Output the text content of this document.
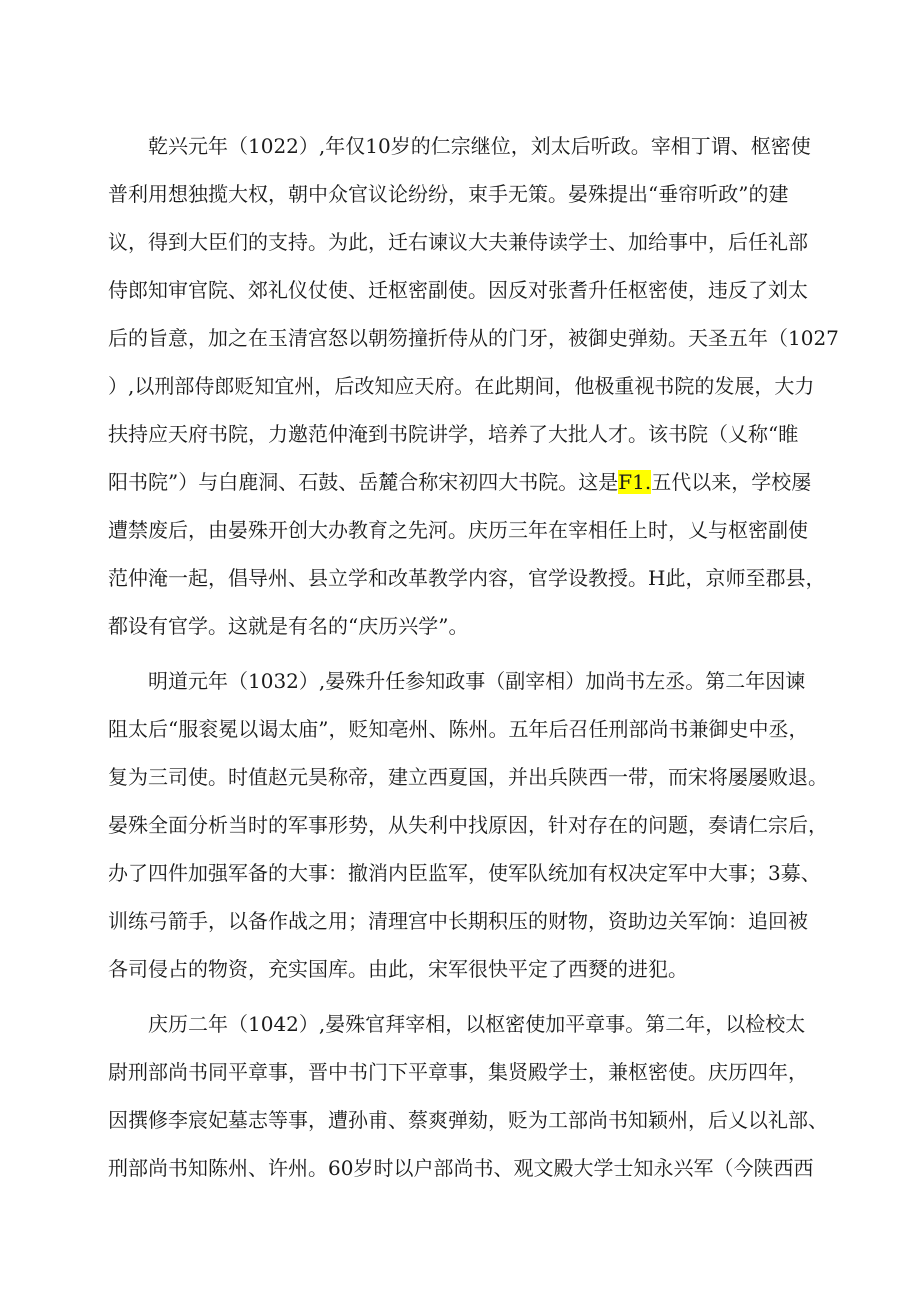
乾兴元年（1022）,年仅10岁的仁宗继位，刘太后听政。宰相丁谓、枢密使
普利用想独揽大权，朝中众官议论纷纷，束手无策。晏殊提出“垂帘听政”的建
议，得到大臣们的支持。为此，迁右谏议大夫兼侍读学士、加给事中，后任礼部
侍郎知审官院、郊礼仪仗使、迁枢密副使。因反对张耆升任枢密使，违反了刘太
后的旨意，加之在玉清宫怒以朝笏撞折侍从的门牙，被御史弹劾。天圣五年（1027
）,以刑部侍郎贬知宜州，后改知应天府。在此期间，他极重视书院的发展，大力
扶持应天府书院，力邀范仲淹到书院讲学，培养了大批人才。该书院（乂称“睢
阳书院”）与白鹿洞、石鼓、岳麓合称宋初四大书院。这是F1.五代以来，学校屡
遭禁废后，由晏殊开创大办教育之先河。庆历三年在宰相任上时，乂与枢密副使
范仲淹一起，倡导州、县立学和改革教学内容，官学设教授。H此，京师至郡县，
都设有官学。这就是有名的“庆历兴学”。
明道元年（1032）,晏殊升任参知政事（副宰相）加尚书左丞。第二年因谏
阻太后“服衮冕以谒太庙”，贬知亳州、陈州。五年后召任刑部尚书兼御史中丞，
复为三司使。时值赵元昊称帝，建立西夏国，并出兵陕西一带，而宋将屡屡败退。
晏殊全面分析当时的军事形势，从失利中找原因，针对存在的问题，奏请仁宗后，
办了四件加强军备的大事：撤消内臣监军，使军队统加有权决定军中大事；3募、
训练弓箭手，以备作战之用；清理宫中长期积压的财物，资助边关军饷：追回被
各司侵占的物资，充实国库。由此，宋军很快平定了西燹的进犯。
庆历二年（1042）,晏殊官拜宰相，以枢密使加平章事。第二年，以检校太
尉刑部尚书同平章事，晋中书门下平章事，集贤殿学士，兼枢密使。庆历四年，
因撰修李宸妃墓志等事，遭孙甫、蔡爽弹劾，贬为工部尚书知颖州，后乂以礼部、
刑部尚书知陈州、许州。60岁时以户部尚书、观文殿大学士知永兴军（今陕西西
